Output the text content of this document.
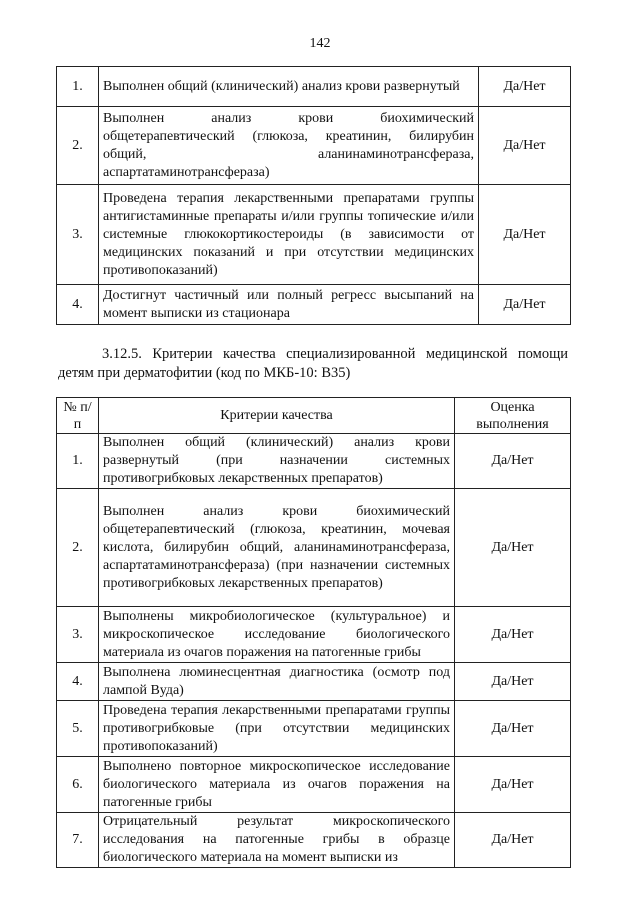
142
1.	Выполнен общий (клинический) анализ крови развернутый	Да/Нет
2.	Выполнен анализ крови биохимический общетерапевтический (глюкоза, креатинин, билирубин общий, аланинаминотрансфераза, аспартатаминотрансфераза)	Да/Нет
3.	Проведена терапия лекарственными препаратами группы антигистаминные препараты и/или группы топические и/или системные глюкокортикостероиды (в зависимости от медицинских показаний и при отсутствии медицинских противопоказаний)	Да/Нет
4.	Достигнут частичный или полный регресс высыпаний на момент выписки из стационара	Да/Нет
3.12.5. Критерии качества специализированной медицинской помощи детям при дерматофитии (код по МКБ-10: B35)
№ п/п	Критерии качества	Оценка выполнения
1.	Выполнен общий (клинический) анализ крови развернутый (при назначении системных противогрибковых лекарственных препаратов)	Да/Нет
2.	Выполнен анализ крови биохимический общетерапевтический (глюкоза, креатинин, мочевая кислота, билирубин общий, аланинаминотрансфераза, аспартатаминотрансфераза) (при назначении системных противогрибковых лекарственных препаратов)	Да/Нет
3.	Выполнены микробиологическое (культуральное) и микроскопическое исследование биологического материала из очагов поражения на патогенные грибы	Да/Нет
4.	Выполнена люминесцентная диагностика (осмотр под лампой Вуда)	Да/Нет
5.	Проведена терапия лекарственными препаратами группы противогрибковые (при отсутствии медицинских противопоказаний)	Да/Нет
6.	Выполнено повторное микроскопическое исследование биологического материала из очагов поражения на патогенные грибы	Да/Нет
7.	Отрицательный результат микроскопического исследования на патогенные грибы в образце биологического материала на момент выписки из	Да/Нет
